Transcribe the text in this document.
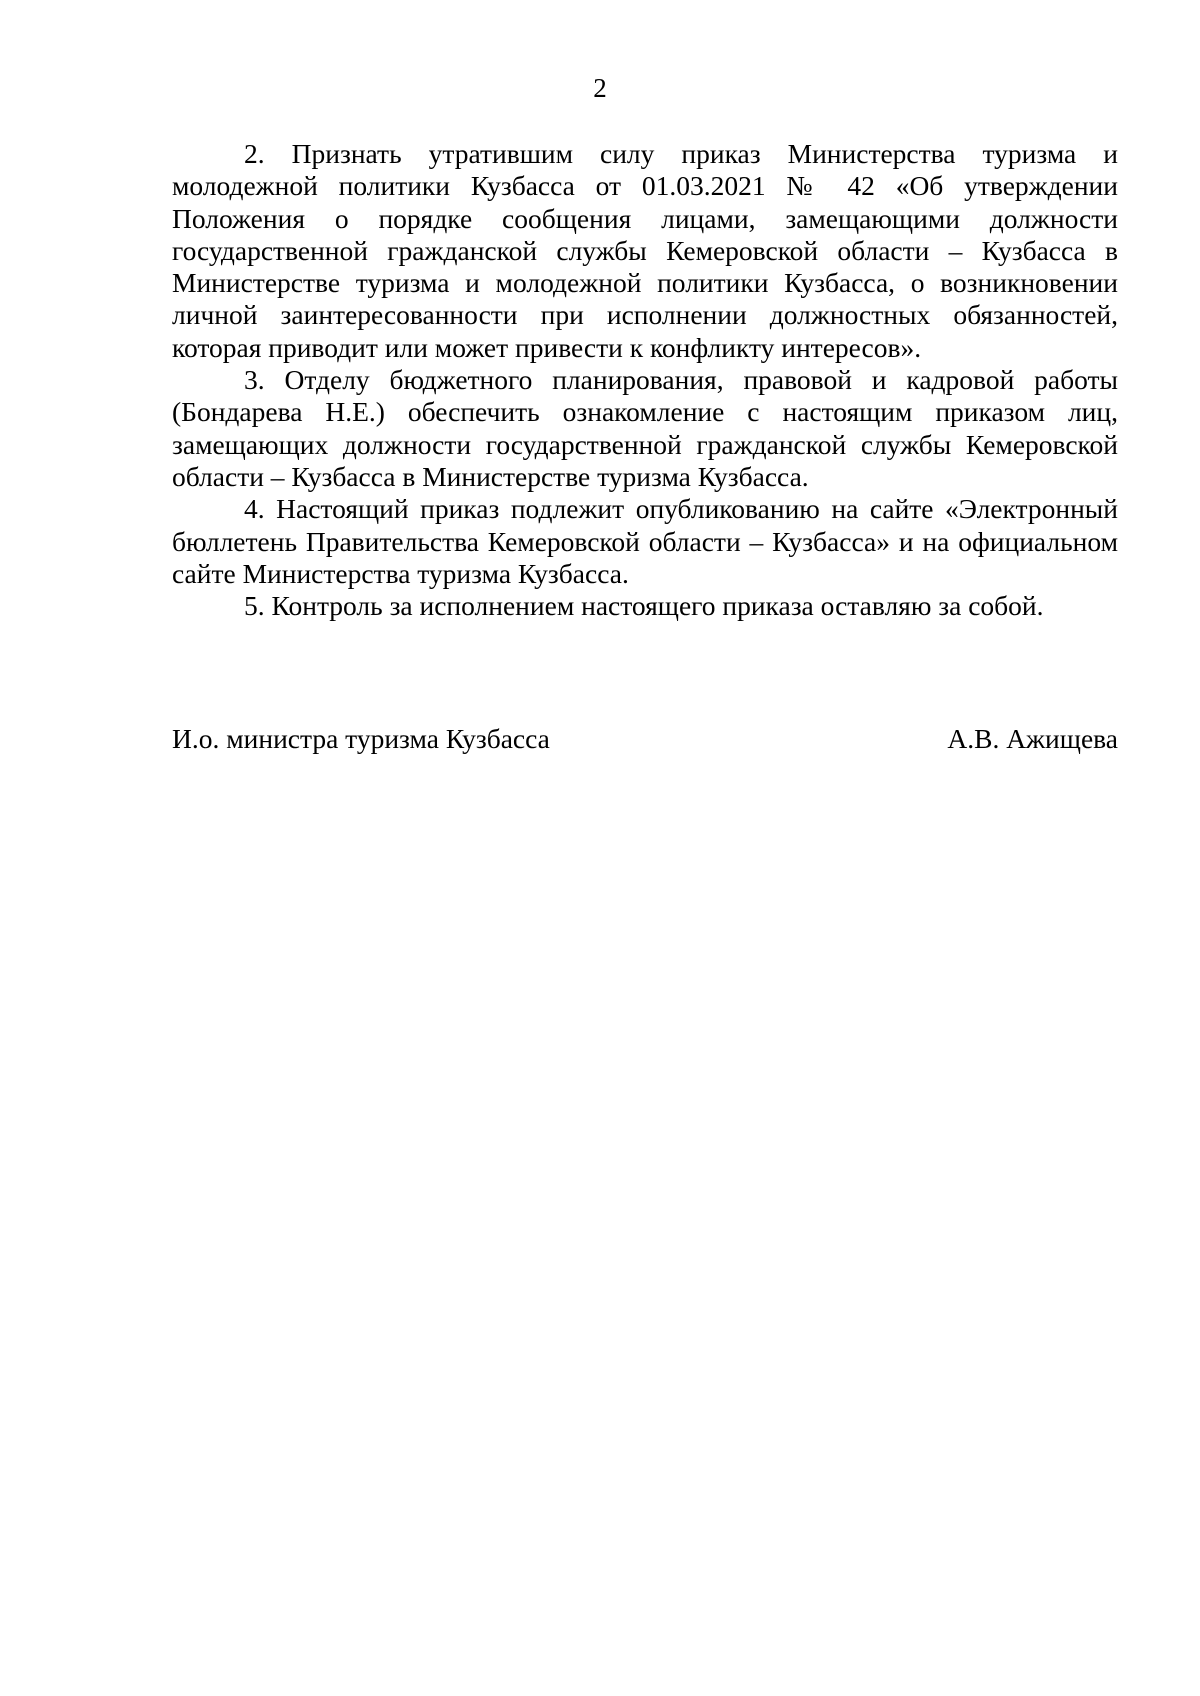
2

2. Признать утратившим силу приказ Министерства туризма и молодежной политики Кузбасса от 01.03.2021 № 42 «Об утверждении Положения о порядке сообщения лицами, замещающими должности государственной гражданской службы Кемеровской области – Кузбасса в Министерстве туризма и молодежной политики Кузбасса, о возникновении личной заинтересованности при исполнении должностных обязанностей, которая приводит или может привести к конфликту интересов».

3. Отделу бюджетного планирования, правовой и кадровой работы (Бондарева Н.Е.) обеспечить ознакомление с настоящим приказом лиц, замещающих должности государственной гражданской службы Кемеровской области – Кузбасса в Министерстве туризма Кузбасса.

4. Настоящий приказ подлежит опубликованию на сайте «Электронный бюллетень Правительства Кемеровской области – Кузбасса» и на официальном сайте Министерства туризма Кузбасса.

5. Контроль за исполнением настоящего приказа оставляю за собой.

И.о. министра туризма Кузбасса	А.В. Ажищева
